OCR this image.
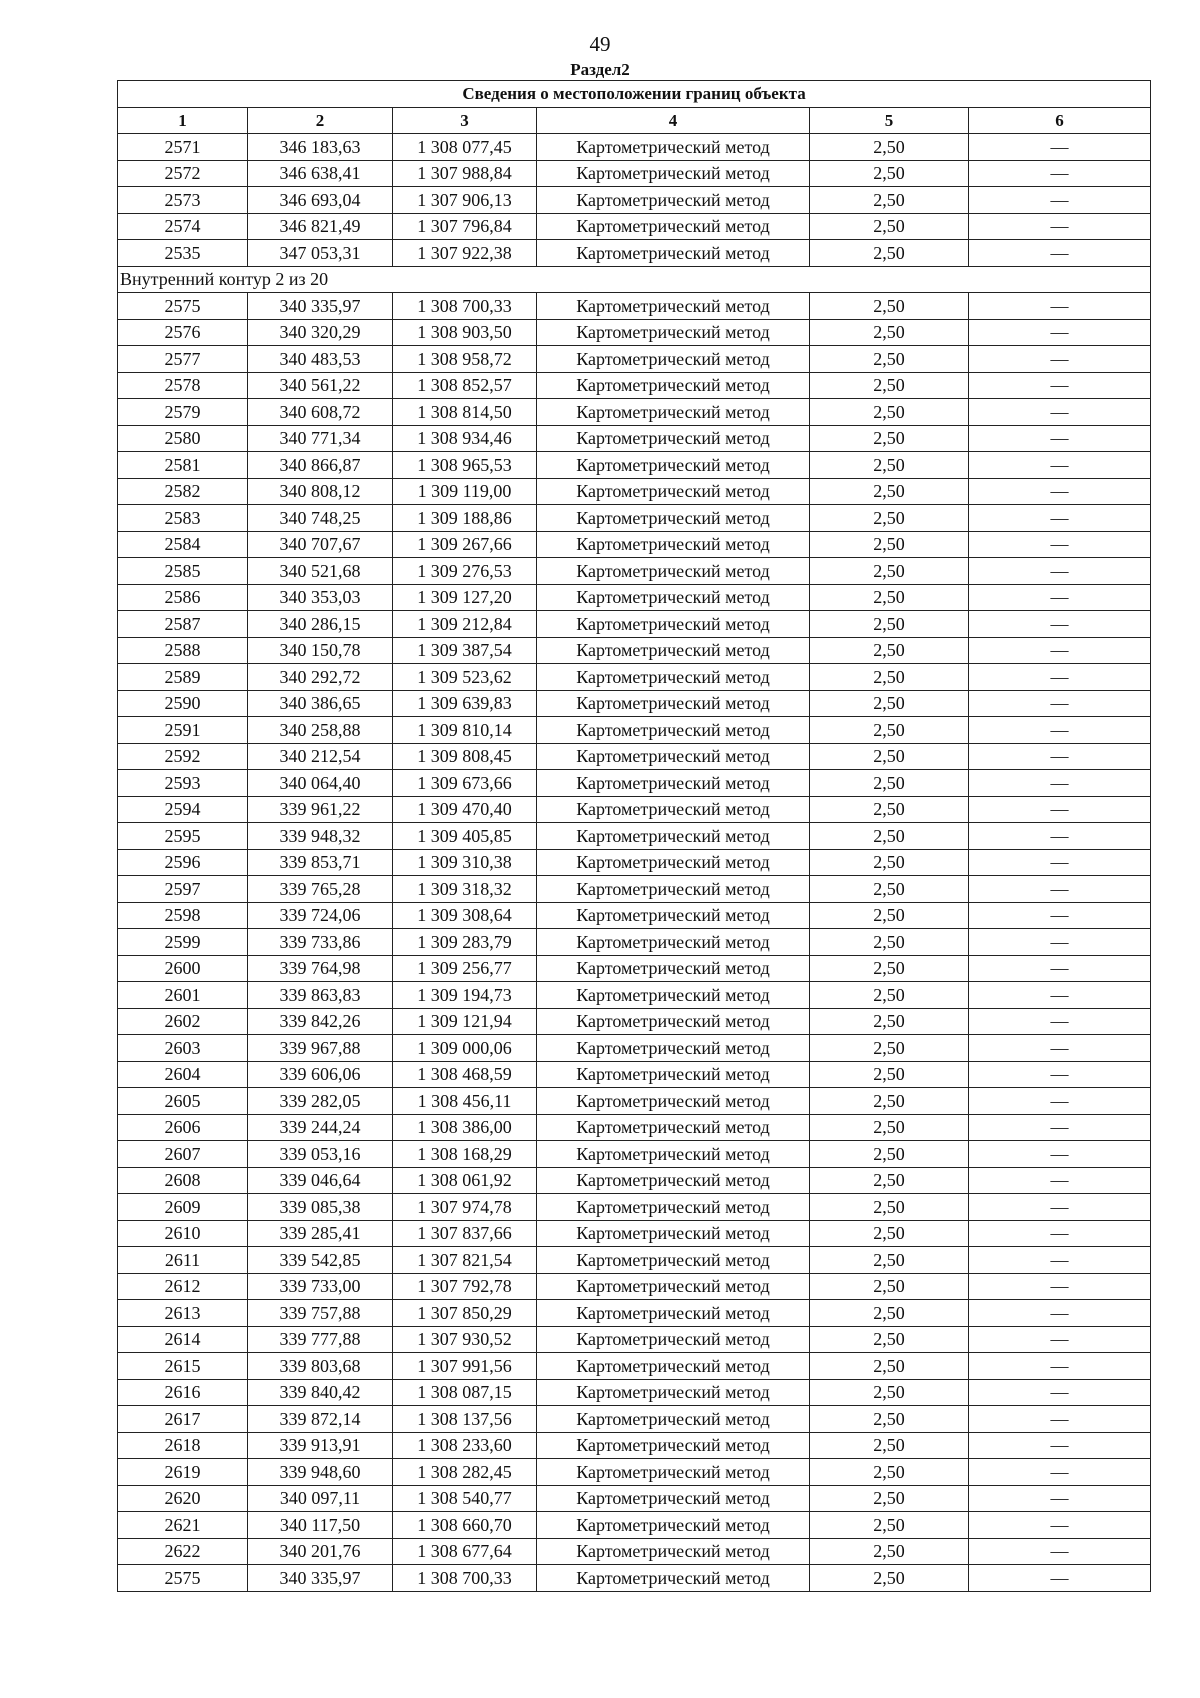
49
Раздел2
Сведения о местоположении границ объекта					
1	2	3	4	5	6
2571	346 183,63	1 308 077,45	Картометрический метод	2,50	—
2572	346 638,41	1 307 988,84	Картометрический метод	2,50	—
2573	346 693,04	1 307 906,13	Картометрический метод	2,50	—
2574	346 821,49	1 307 796,84	Картометрический метод	2,50	—
2535	347 053,31	1 307 922,38	Картометрический метод	2,50	—
Внутренний контур 2 из 20					
2575	340 335,97	1 308 700,33	Картометрический метод	2,50	—
2576	340 320,29	1 308 903,50	Картометрический метод	2,50	—
2577	340 483,53	1 308 958,72	Картометрический метод	2,50	—
2578	340 561,22	1 308 852,57	Картометрический метод	2,50	—
2579	340 608,72	1 308 814,50	Картометрический метод	2,50	—
2580	340 771,34	1 308 934,46	Картометрический метод	2,50	—
2581	340 866,87	1 308 965,53	Картометрический метод	2,50	—
2582	340 808,12	1 309 119,00	Картометрический метод	2,50	—
2583	340 748,25	1 309 188,86	Картометрический метод	2,50	—
2584	340 707,67	1 309 267,66	Картометрический метод	2,50	—
2585	340 521,68	1 309 276,53	Картометрический метод	2,50	—
2586	340 353,03	1 309 127,20	Картометрический метод	2,50	—
2587	340 286,15	1 309 212,84	Картометрический метод	2,50	—
2588	340 150,78	1 309 387,54	Картометрический метод	2,50	—
2589	340 292,72	1 309 523,62	Картометрический метод	2,50	—
2590	340 386,65	1 309 639,83	Картометрический метод	2,50	—
2591	340 258,88	1 309 810,14	Картометрический метод	2,50	—
2592	340 212,54	1 309 808,45	Картометрический метод	2,50	—
2593	340 064,40	1 309 673,66	Картометрический метод	2,50	—
2594	339 961,22	1 309 470,40	Картометрический метод	2,50	—
2595	339 948,32	1 309 405,85	Картометрический метод	2,50	—
2596	339 853,71	1 309 310,38	Картометрический метод	2,50	—
2597	339 765,28	1 309 318,32	Картометрический метод	2,50	—
2598	339 724,06	1 309 308,64	Картометрический метод	2,50	—
2599	339 733,86	1 309 283,79	Картометрический метод	2,50	—
2600	339 764,98	1 309 256,77	Картометрический метод	2,50	—
2601	339 863,83	1 309 194,73	Картометрический метод	2,50	—
2602	339 842,26	1 309 121,94	Картометрический метод	2,50	—
2603	339 967,88	1 309 000,06	Картометрический метод	2,50	—
2604	339 606,06	1 308 468,59	Картометрический метод	2,50	—
2605	339 282,05	1 308 456,11	Картометрический метод	2,50	—
2606	339 244,24	1 308 386,00	Картометрический метод	2,50	—
2607	339 053,16	1 308 168,29	Картометрический метод	2,50	—
2608	339 046,64	1 308 061,92	Картометрический метод	2,50	—
2609	339 085,38	1 307 974,78	Картометрический метод	2,50	—
2610	339 285,41	1 307 837,66	Картометрический метод	2,50	—
2611	339 542,85	1 307 821,54	Картометрический метод	2,50	—
2612	339 733,00	1 307 792,78	Картометрический метод	2,50	—
2613	339 757,88	1 307 850,29	Картометрический метод	2,50	—
2614	339 777,88	1 307 930,52	Картометрический метод	2,50	—
2615	339 803,68	1 307 991,56	Картометрический метод	2,50	—
2616	339 840,42	1 308 087,15	Картометрический метод	2,50	—
2617	339 872,14	1 308 137,56	Картометрический метод	2,50	—
2618	339 913,91	1 308 233,60	Картометрический метод	2,50	—
2619	339 948,60	1 308 282,45	Картометрический метод	2,50	—
2620	340 097,11	1 308 540,77	Картометрический метод	2,50	—
2621	340 117,50	1 308 660,70	Картометрический метод	2,50	—
2622	340 201,76	1 308 677,64	Картометрический метод	2,50	—
2575	340 335,97	1 308 700,33	Картометрический метод	2,50	—
